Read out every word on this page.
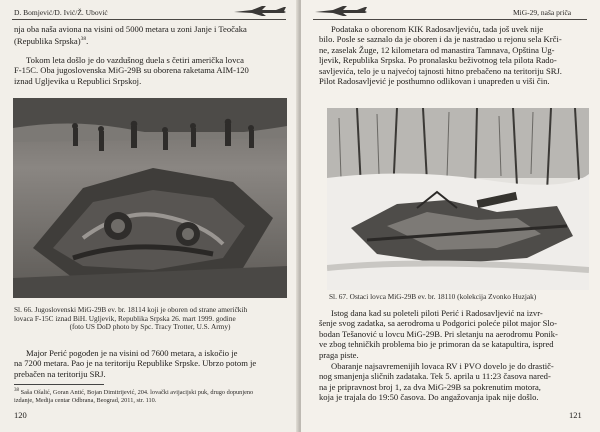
D. Bomjević/D. Ivić/Ž. Ubović

nja oba naša aviona na visini od 5000 metara u zoni Janje i Teočaka

(Republika Srpska)$^{38}$.

Tokom leta došlo je do vazdušnog duela s četiri američka lovca

F-15C. Oba jugoslovenska MiG-29B su oborena raketama AIM-120

iznad Ugljevika u Republici Srpskoj.

Sl. 66. Jugoslovenski MiG-29B ev. br. 18114 koji je oboren od strane američkih
lovaca F-15C iznad BiH. Ugljevik, Republika Srpska 26. mart 1999. godine
(foto US DoD photo by Spc. Tracy Trotter, U.S. Army)

Major Perić pogođen je na visini od 7600 metara, a iskočio je

na 7200 metara. Pao je na teritoriju Republike Srpske. Ubrzo potom je

prebačen na teritoriju SRJ.

$^{38}$ Saša Ošalić, Goran Antić, Bojan Dimitrijević, 204. lovački avijacijski puk, drugo dopunjeno
izdanje, Medija centar Odbrana, Beograd, 2011, str. 110.
120
MiG-29, naša priča

Podataka o oborenom KIK Radosavljeviću, tada još uvek nije

bilo. Posle se saznalo da je oboren i da je nastradao u rejonu sela Krči-

ne, zaselak Žuge, 12 kilometara od manastira Tamnava, Opština Ug-

ljevik, Republika Srpska. Po pronalasku beživotnog tela pilota Rado-

savljevića, telo je u najvećoj tajnosti hitno prebačeno na teritoriju SRJ.

Pilot Radosavljević je posthumno odlikovan i unapređen u viši čin.

Sl. 67. Ostaci lovca MiG-29B ev. br. 18110 (kolekcija Zvonko Huzjak)

Istog dana kad su poleteli piloti Perić i Radosavljević na izvr-

šenje svog zadatka, sa aerodroma u Podgorici poleće pilot major Slo-

bodan Tešanović u lovcu MiG-29B. Pri sletanju na aerodromu Ponik-

ve zbog tehničkih problema bio je primoran da se katapultira, ispred

praga piste.

Obaranje najsavremenijih lovaca RV i PVO dovelo je do drastič-

nog smanjenja sličnih zadataka. Tek 5. aprila u 11:23 časova nared-

na je pripravnost broj 1, za dva MiG-29B sa pokrenutim motora,

koja je trajala do 19:50 časova. Do angažovanja ipak nije došlo.

121
